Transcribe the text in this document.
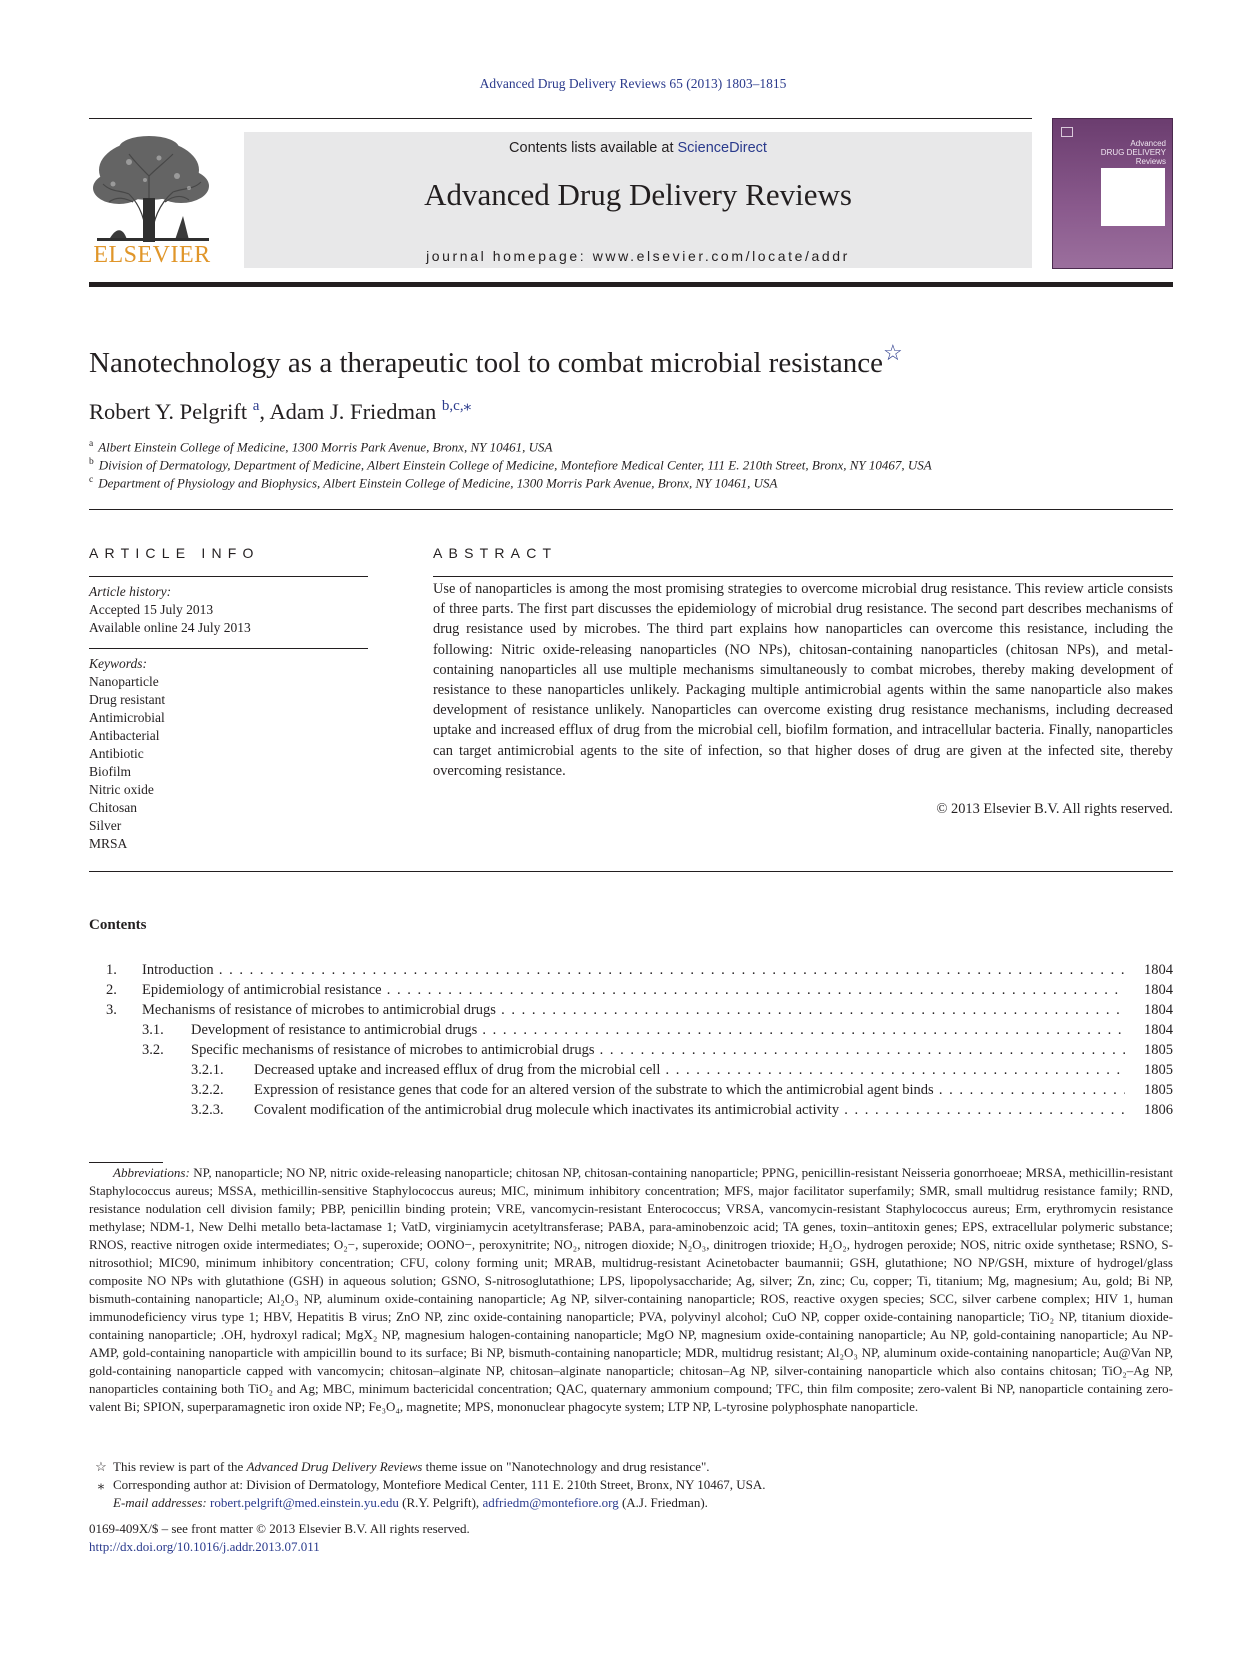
Advanced Drug Delivery Reviews 65 (2013) 1803–1815
ELSEVIER
Contents lists available at ScienceDirect
Advanced Drug Delivery Reviews
journal homepage: www.elsevier.com/locate/addr
Advanced
DRUG DELIVERY
Reviews
Nanotechnology as a therapeutic tool to combat microbial resistance☆
Robert Y. Pelgrift $^a$, Adam J. Friedman $^{b,c,⁎}$
$^a$ Albert Einstein College of Medicine, 1300 Morris Park Avenue, Bronx, NY 10461, USA
$^b$ Division of Dermatology, Department of Medicine, Albert Einstein College of Medicine, Montefiore Medical Center, 111 E. 210th Street, Bronx, NY 10467, USA
$^c$ Department of Physiology and Biophysics, Albert Einstein College of Medicine, 1300 Morris Park Avenue, Bronx, NY 10461, USA
ARTICLE INFO
Article history:
Accepted 15 July 2013
Available online 24 July 2013
Keywords:
Nanoparticle
Drug resistant
Antimicrobial
Antibacterial
Antibiotic
Biofilm
Nitric oxide
Chitosan
Silver
MRSA
ABSTRACT
Use of nanoparticles is among the most promising strategies to overcome microbial drug resistance. This review article consists of three parts. The first part discusses the epidemiology of microbial drug resistance. The second part describes mechanisms of drug resistance used by microbes. The third part explains how nanoparticles can overcome this resistance, including the following: Nitric oxide-releasing nanoparticles (NO NPs), chitosan-containing nanoparticles (chitosan NPs), and metal-containing nanoparticles all use multiple mechanisms simultaneously to combat microbes, thereby making development of resistance to these nanoparticles unlikely. Packaging multiple antimicrobial agents within the same nanoparticle also makes development of resistance unlikely. Nanoparticles can overcome existing drug resistance mechanisms, including decreased uptake and increased efflux of drug from the microbial cell, biofilm formation, and intracellular bacteria. Finally, nanoparticles can target antimicrobial agents to the site of infection, so that higher doses of drug are given at the infected site, thereby overcoming resistance.
© 2013 Elsevier B.V. All rights reserved.
Contents
1. Introduction . . .	1804
2. Epidemiology of antimicrobial resistance . . .	1804
3. Mechanisms of resistance of microbes to antimicrobial drugs . . .	1804
3.1. Development of resistance to antimicrobial drugs . . .	1804
3.2. Specific mechanisms of resistance of microbes to antimicrobial drugs . . .	1805
3.2.1. Decreased uptake and increased efflux of drug from the microbial cell . . .	1805
3.2.2. Expression of resistance genes that code for an altered version of the substrate to which the antimicrobial agent binds . . .	1805
3.2.3. Covalent modification of the antimicrobial drug molecule which inactivates its antimicrobial activity . . .	1806
Abbreviations: NP, nanoparticle; NO NP, nitric oxide-releasing nanoparticle; chitosan NP, chitosan-containing nanoparticle; PPNG, penicillin-resistant Neisseria gonorrhoeae; MRSA, methicillin-resistant Staphylococcus aureus; MSSA, methicillin-sensitive Staphylococcus aureus; MIC, minimum inhibitory concentration; MFS, major facilitator superfamily; SMR, small multidrug resistance family; RND, resistance nodulation cell division family; PBP, penicillin binding protein; VRE, vancomycin-resistant Enterococcus; VRSA, vancomycin-resistant Staphylococcus aureus; Erm, erythromycin resistance methylase; NDM-1, New Delhi metallo beta-lactamase 1; VatD, virginiamycin acetyltransferase; PABA, para-aminobenzoic acid; TA genes, toxin–antitoxin genes; EPS, extracellular polymeric substance; RNOS, reactive nitrogen oxide intermediates; O₂−, superoxide; OONO−, peroxynitrite; NO₂, nitrogen dioxide; N₂O₃, dinitrogen trioxide; H₂O₂, hydrogen peroxide; NOS, nitric oxide synthetase; RSNO, S-nitrosothiol; MIC90, minimum inhibitory concentration; CFU, colony forming unit; MRAB, multidrug-resistant Acinetobacter baumannii; GSH, glutathione; NO NP/GSH, mixture of hydrogel/glass composite NO NPs with glutathione (GSH) in aqueous solution; GSNO, S-nitrosoglutathione; LPS, lipopolysaccharide; Ag, silver; Zn, zinc; Cu, copper; Ti, titanium; Mg, magnesium; Au, gold; Bi NP, bismuth-containing nanoparticle; Al₂O₃ NP, aluminum oxide-containing nanoparticle; Ag NP, silver-containing nanoparticle; ROS, reactive oxygen species; SCC, silver carbene complex; HIV 1, human immunodeficiency virus type 1; HBV, Hepatitis B virus; ZnO NP, zinc oxide-containing nanoparticle; PVA, polyvinyl alcohol; CuO NP, copper oxide-containing nanoparticle; TiO₂ NP, titanium dioxide-containing nanoparticle; .OH, hydroxyl radical; MgX₂ NP, magnesium halogen-containing nanoparticle; MgO NP, magnesium oxide-containing nanoparticle; Au NP, gold-containing nanoparticle; Au NP-AMP, gold-containing nanoparticle with ampicillin bound to its surface; Bi NP, bismuth-containing nanoparticle; MDR, multidrug resistant; Al₂O₃ NP, aluminum oxide-containing nanoparticle; Au@Van NP, gold-containing nanoparticle capped with vancomycin; chitosan–alginate NP, chitosan–alginate nanoparticle; chitosan–Ag NP, silver-containing nanoparticle which also contains chitosan; TiO₂–Ag NP, nanoparticles containing both TiO₂ and Ag; MBC, minimum bactericidal concentration; QAC, quaternary ammonium compound; TFC, thin film composite; zero-valent Bi NP, nanoparticle containing zero-valent Bi; SPION, superparamagnetic iron oxide NP; Fe₃O₄, magnetite; MPS, mononuclear phagocyte system; LTP NP, L-tyrosine polyphosphate nanoparticle.
☆ This review is part of the Advanced Drug Delivery Reviews theme issue on "Nanotechnology and drug resistance".
⁎ Corresponding author at: Division of Dermatology, Montefiore Medical Center, 111 E. 210th Street, Bronx, NY 10467, USA.
E-mail addresses: robert.pelgrift@med.einstein.yu.edu (R.Y. Pelgrift), adfriedm@montefiore.org (A.J. Friedman).
0169-409X/$ – see front matter © 2013 Elsevier B.V. All rights reserved.
http://dx.doi.org/10.1016/j.addr.2013.07.011
